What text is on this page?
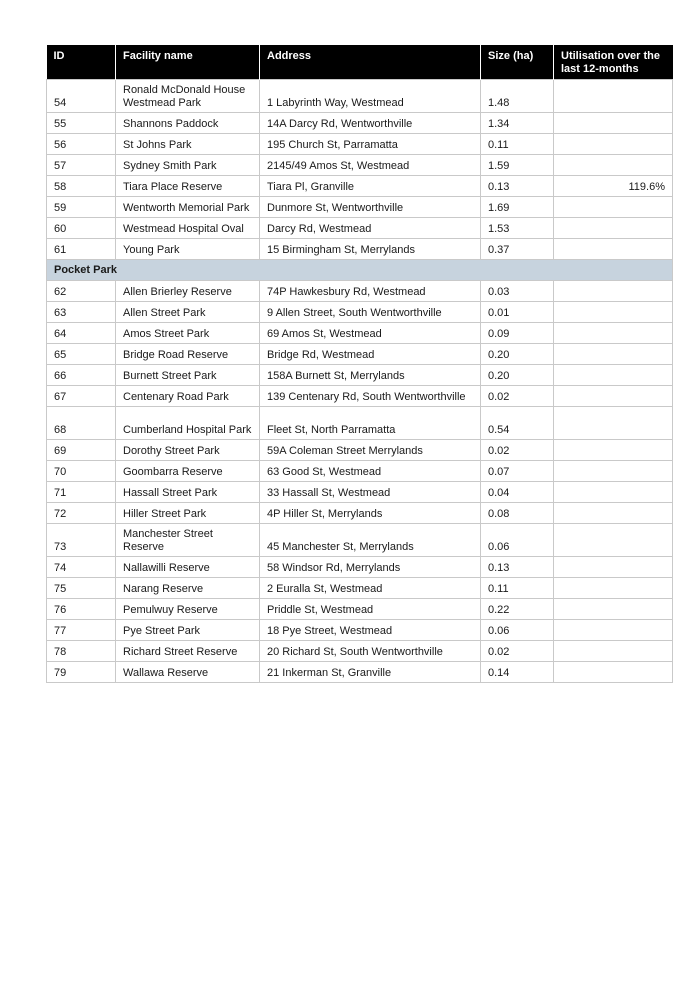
ID	Facility name	Address	Size (ha)	Utilisation over the last 12-months
54	Ronald McDonald House Westmead Park	1 Labyrinth Way, Westmead	1.48	
55	Shannons Paddock	14A Darcy Rd, Wentworthville	1.34	
56	St Johns Park	195 Church St, Parramatta	0.11	
57	Sydney Smith Park	2145/49 Amos St, Westmead	1.59	
58	Tiara Place Reserve	Tiara Pl, Granville	0.13	119.6%
59	Wentworth Memorial Park	Dunmore St, Wentworthville	1.69	
60	Westmead Hospital Oval	Darcy Rd, Westmead	1.53	
61	Young Park	15 Birmingham St, Merrylands	0.37	
Pocket Park				
62	Allen Brierley Reserve	74P Hawkesbury Rd, Westmead	0.03	
63	Allen Street Park	9 Allen Street, South Wentworthville	0.01	
64	Amos Street Park	69 Amos St, Westmead	0.09	
65	Bridge Road Reserve	Bridge Rd, Westmead	0.20	
66	Burnett Street Park	158A Burnett St, Merrylands	0.20	
67	Centenary Road Park	139 Centenary Rd, South Wentworthville	0.02	
68	Cumberland Hospital Park	Fleet St, North Parramatta	0.54	
69	Dorothy Street Park	59A Coleman Street Merrylands	0.02	
70	Goombarra Reserve	63 Good St, Westmead	0.07	
71	Hassall Street Park	33 Hassall St, Westmead	0.04	
72	Hiller Street Park	4P Hiller St, Merrylands	0.08	
73	Manchester Street Reserve	45 Manchester St, Merrylands	0.06	
74	Nallawilli Reserve	58 Windsor Rd, Merrylands	0.13	
75	Narang Reserve	2 Euralla St, Westmead	0.11	
76	Pemulwuy Reserve	Priddle St, Westmead	0.22	
77	Pye Street Park	18 Pye Street, Westmead	0.06	
78	Richard Street Reserve	20 Richard St, South Wentworthville	0.02	
79	Wallawa Reserve	21 Inkerman St, Granville	0.14	
